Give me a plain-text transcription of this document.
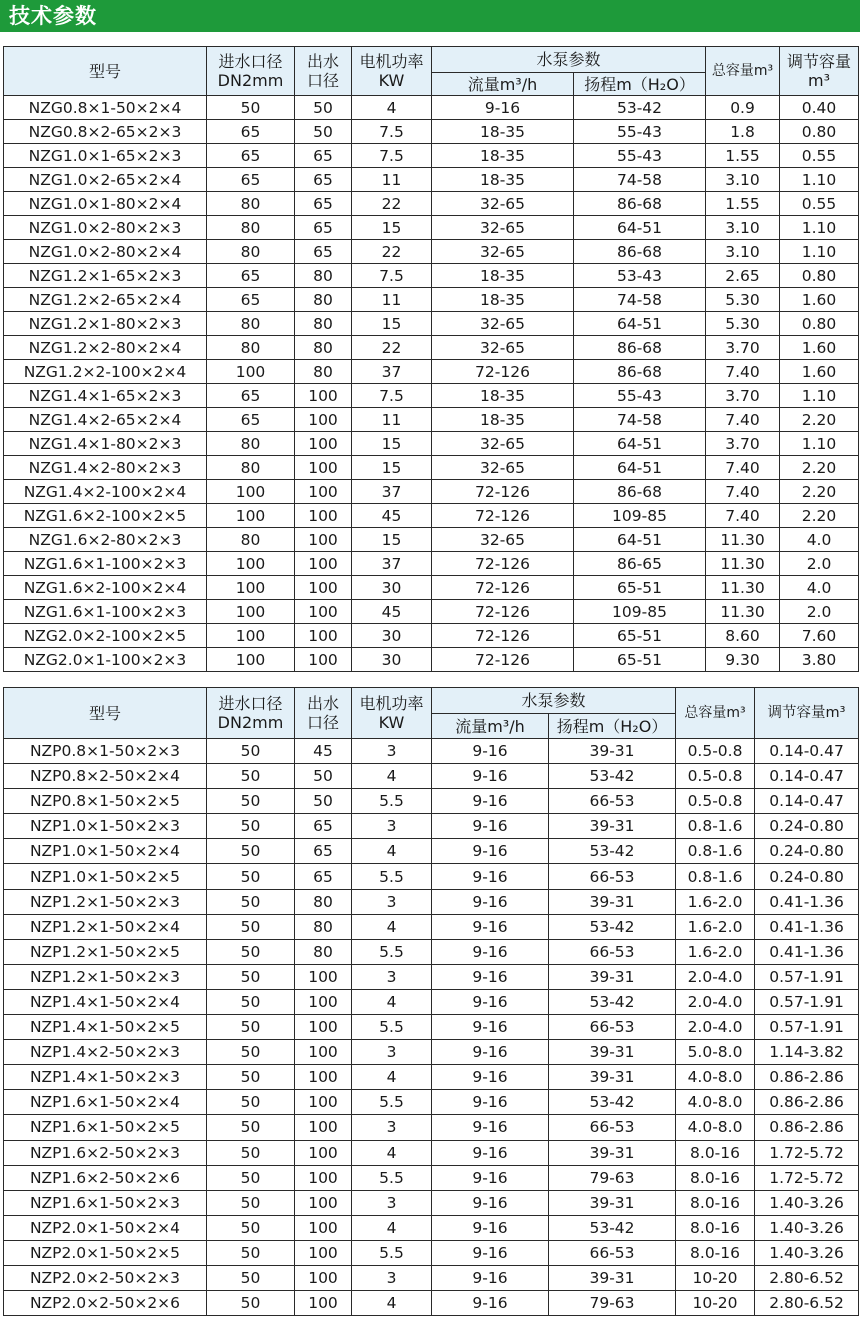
技术参数
型号	进水口径DN2mm	出水口径	电机功率KW	水泵参数		总容量m³	调节容量m³
				流量m³/h	扬程m（H₂O）		
NZG0.8×1-50×2×4	50	50	4	9-16	53-42	0.9	0.40
NZG0.8×2-65×2×3	65	50	7.5	18-35	55-43	1.8	0.80
NZG1.0×1-65×2×3	65	65	7.5	18-35	55-43	1.55	0.55
NZG1.0×2-65×2×4	65	65	11	18-35	74-58	3.10	1.10
NZG1.0×1-80×2×4	80	65	22	32-65	86-68	1.55	0.55
NZG1.0×2-80×2×3	80	65	15	32-65	64-51	3.10	1.10
NZG1.0×2-80×2×4	80	65	22	32-65	86-68	3.10	1.10
NZG1.2×1-65×2×3	65	80	7.5	18-35	53-43	2.65	0.80
NZG1.2×2-65×2×4	65	80	11	18-35	74-58	5.30	1.60
NZG1.2×1-80×2×3	80	80	15	32-65	64-51	5.30	0.80
NZG1.2×2-80×2×4	80	80	22	32-65	86-68	3.70	1.60
NZG1.2×2-100×2×4	100	80	37	72-126	86-68	7.40	1.60
NZG1.4×1-65×2×3	65	100	7.5	18-35	55-43	3.70	1.10
NZG1.4×2-65×2×4	65	100	11	18-35	74-58	7.40	2.20
NZG1.4×1-80×2×3	80	100	15	32-65	64-51	3.70	1.10
NZG1.4×2-80×2×3	80	100	15	32-65	64-51	7.40	2.20
NZG1.4×2-100×2×4	100	100	37	72-126	86-68	7.40	2.20
NZG1.6×2-100×2×5	100	100	45	72-126	109-85	7.40	2.20
NZG1.6×2-80×2×3	80	100	15	32-65	64-51	11.30	4.0
NZG1.6×1-100×2×3	100	100	37	72-126	86-65	11.30	2.0
NZG1.6×2-100×2×4	100	100	30	72-126	65-51	11.30	4.0
NZG1.6×1-100×2×3	100	100	45	72-126	109-85	11.30	2.0
NZG2.0×2-100×2×5	100	100	30	72-126	65-51	8.60	7.60
NZG2.0×1-100×2×3	100	100	30	72-126	65-51	9.30	3.80
型号	进水口径DN2mm	出水口径	电机功率KW	水泵参数		总容量m³	调节容量m³
				流量m³/h	扬程m（H₂O）		
NZP0.8×1-50×2×3	50	45	3	9-16	39-31	0.5-0.8	0.14-0.47
NZP0.8×2-50×2×4	50	50	4	9-16	53-42	0.5-0.8	0.14-0.47
NZP0.8×1-50×2×5	50	50	5.5	9-16	66-53	0.5-0.8	0.14-0.47
NZP1.0×1-50×2×3	50	65	3	9-16	39-31	0.8-1.6	0.24-0.80
NZP1.0×1-50×2×4	50	65	4	9-16	53-42	0.8-1.6	0.24-0.80
NZP1.0×1-50×2×5	50	65	5.5	9-16	66-53	0.8-1.6	0.24-0.80
NZP1.2×1-50×2×3	50	80	3	9-16	39-31	1.6-2.0	0.41-1.36
NZP1.2×1-50×2×4	50	80	4	9-16	53-42	1.6-2.0	0.41-1.36
NZP1.2×1-50×2×5	50	80	5.5	9-16	66-53	1.6-2.0	0.41-1.36
NZP1.2×1-50×2×3	50	100	3	9-16	39-31	2.0-4.0	0.57-1.91
NZP1.4×1-50×2×4	50	100	4	9-16	53-42	2.0-4.0	0.57-1.91
NZP1.4×1-50×2×5	50	100	5.5	9-16	66-53	2.0-4.0	0.57-1.91
NZP1.4×2-50×2×3	50	100	3	9-16	39-31	5.0-8.0	1.14-3.82
NZP1.4×1-50×2×3	50	100	4	9-16	39-31	4.0-8.0	0.86-2.86
NZP1.6×1-50×2×4	50	100	5.5	9-16	53-42	4.0-8.0	0.86-2.86
NZP1.6×1-50×2×5	50	100	3	9-16	66-53	4.0-8.0	0.86-2.86
NZP1.6×2-50×2×3	50	100	4	9-16	39-31	8.0-16	1.72-5.72
NZP1.6×2-50×2×6	50	100	5.5	9-16	79-63	8.0-16	1.72-5.72
NZP1.6×1-50×2×3	50	100	3	9-16	39-31	8.0-16	1.40-3.26
NZP2.0×1-50×2×4	50	100	4	9-16	53-42	8.0-16	1.40-3.26
NZP2.0×1-50×2×5	50	100	5.5	9-16	66-53	8.0-16	1.40-3.26
NZP2.0×2-50×2×3	50	100	3	9-16	39-31	10-20	2.80-6.52
NZP2.0×2-50×2×6	50	100	4	9-16	79-63	10-20	2.80-6.52
